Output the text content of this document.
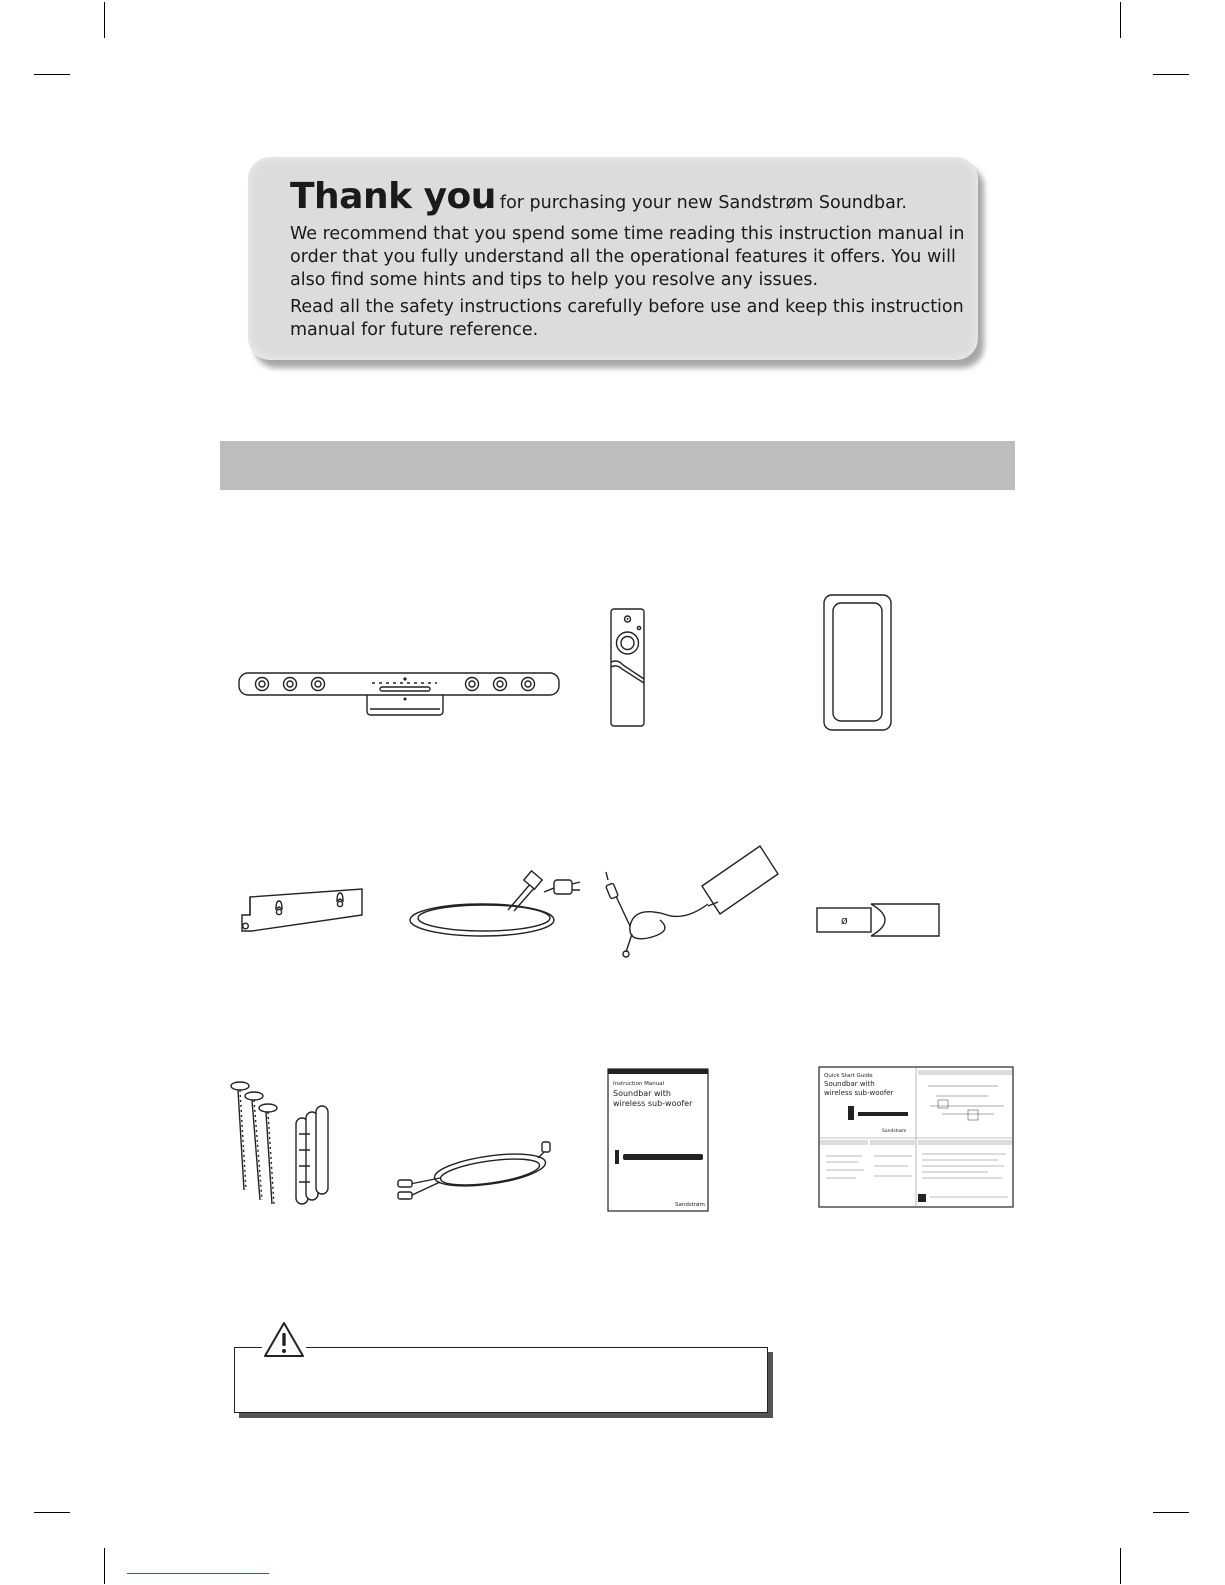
Thank you for purchasing your new Sandstrøm Soundbar.

We recommend that you spend some time reading this instruction manual in order that you fully understand all the operational features it offers. You will also find some hints and tips to help you resolve any issues.

Read all the safety instructions carefully before use and keep this instruction manual for future reference.

ø
Instruction Manual
Soundbar with
wireless sub-woofer
Sandstrøm
Quick Start Guide
Soundbar with
wireless sub-woofer
Sandstrøm
